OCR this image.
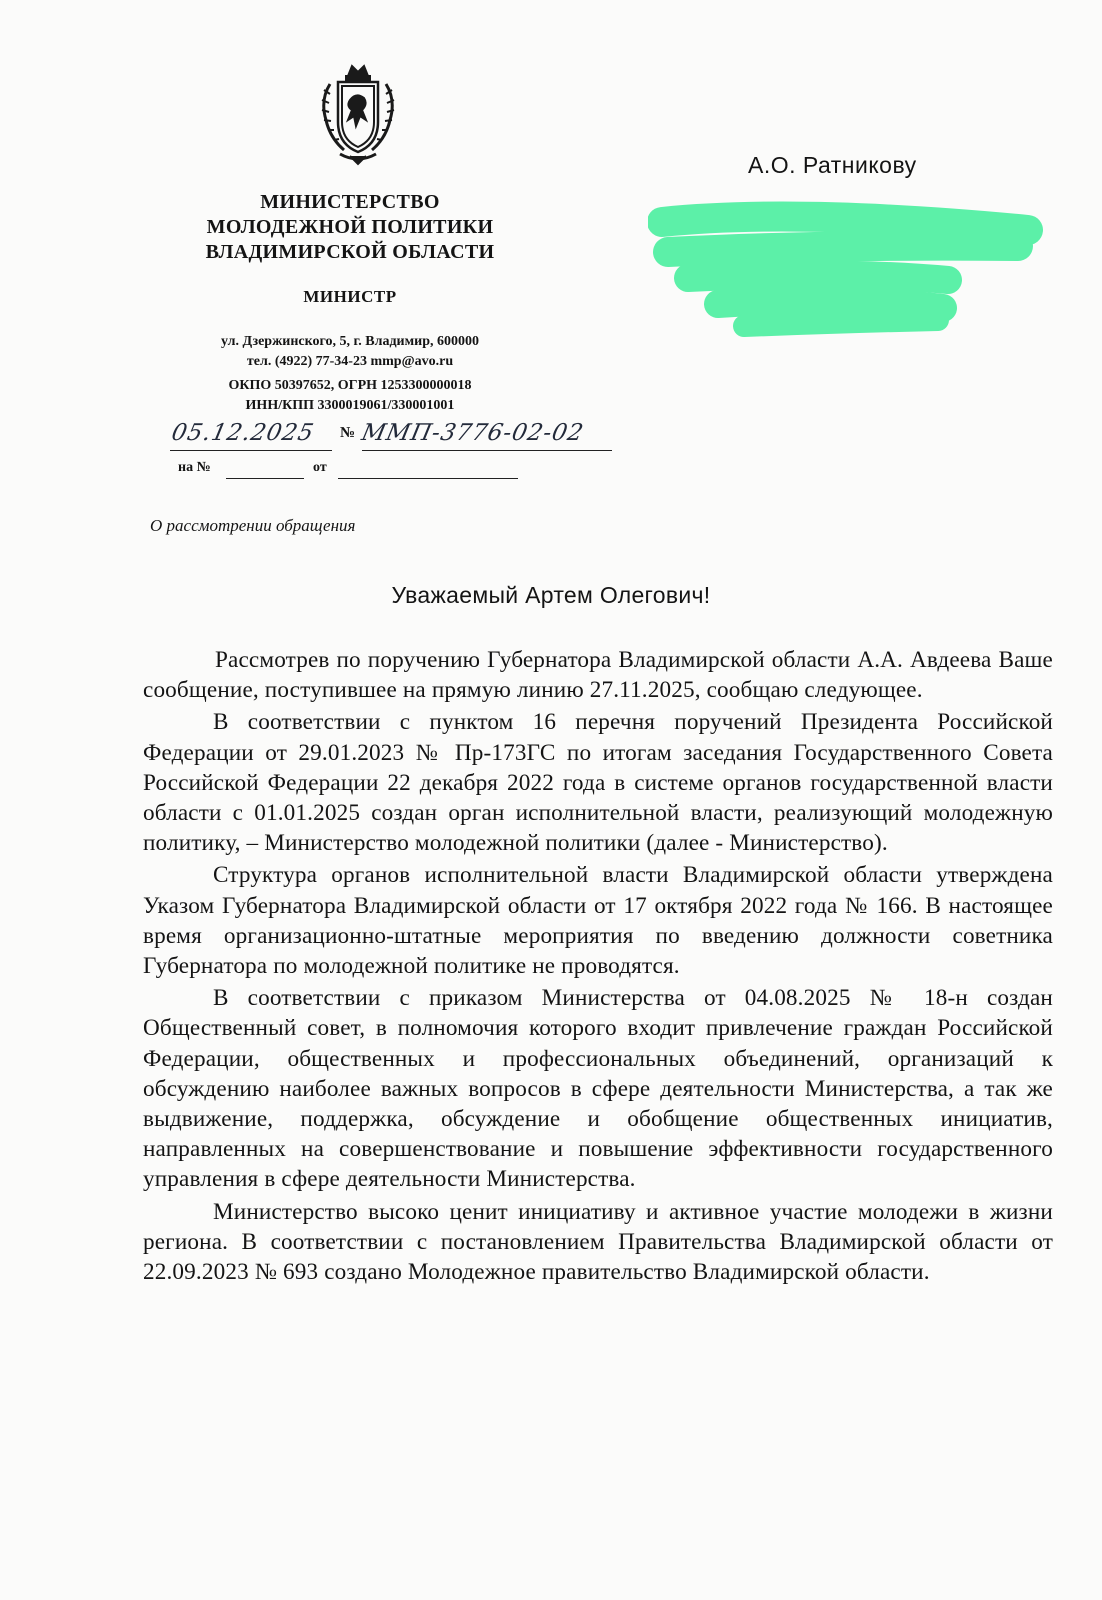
МИНИСТЕРСТВО
МОЛОДЕЖНОЙ ПОЛИТИКИ
ВЛАДИМИРСКОЙ ОБЛАСТИ
МИНИСТР
ул. Дзержинского, 5, г. Владимир, 600000
тел. (4922) 77-34-23 mmp@avo.ru
ОКПО 50397652, ОГРН 1253300000018
ИНН/КПП 3300019061/330001001
05.12.2025 № ММП-3776-02-02
на №	от
О рассмотрении обращения
А.О. Ратникову
Уважаемый Артем Олегович!

Рассмотрев по поручению Губернатора Владимирской области А.А. Авдеева Ваше сообщение, поступившее на прямую линию 27.11.2025, сообщаю следующее.

В соответствии с пунктом 16 перечня поручений Президента Российской Федерации от 29.01.2023 № Пр-173ГС по итогам заседания Государственного Совета Российской Федерации 22 декабря 2022 года в системе органов государственной власти области с 01.01.2025 создан орган исполнительной власти, реализующий молодежную политику, – Министерство молодежной политики (далее - Министерство).

Структура органов исполнительной власти Владимирской области утверждена Указом Губернатора Владимирской области от 17 октября 2022 года № 166. В настоящее время организационно-штатные мероприятия по введению должности советника Губернатора по молодежной политике не проводятся.

В соответствии с приказом Министерства от 04.08.2025 № 18-н создан Общественный совет, в полномочия которого входит привлечение граждан Российской Федерации, общественных и профессиональных объединений, организаций к обсуждению наиболее важных вопросов в сфере деятельности Министерства, а так же выдвижение, поддержка, обсуждение и обобщение общественных инициатив, направленных на совершенствование и повышение эффективности государственного управления в сфере деятельности Министерства.

Министерство высоко ценит инициативу и активное участие молодежи в жизни региона. В соответствии с постановлением Правительства Владимирской области от 22.09.2023 № 693 создано Молодежное правительство Владимирской области.
